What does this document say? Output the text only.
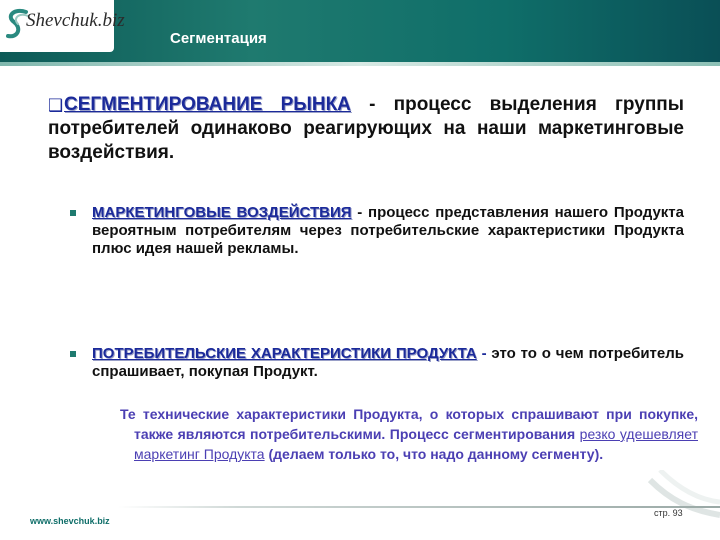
Shevchuk.biz
Сегментация
❑СЕГМЕНТИРОВАНИЕ РЫНКА - процесс выделения группы потребителей одинаково реагирующих на наши маркетинговые воздействия.
МАРКЕТИНГОВЫЕ ВОЗДЕЙСТВИЯ - процесс представления нашего Продукта вероятным потребителям через потребительские характеристики Продукта плюс идея нашей рекламы.
ПОТРЕБИТЕЛЬСКИЕ ХАРАКТЕРИСТИКИ ПРОДУКТА - это то о чем потребитель спрашивает, покупая Продукт.
Те технические характеристики Продукта, о которых спрашивают при покупке, также являются потребительскими. Процесс сегментирования резко удешевляет маркетинг Продукта (делаем только то, что надо данному сегменту).
стр. 93
www.shevchuk.biz
